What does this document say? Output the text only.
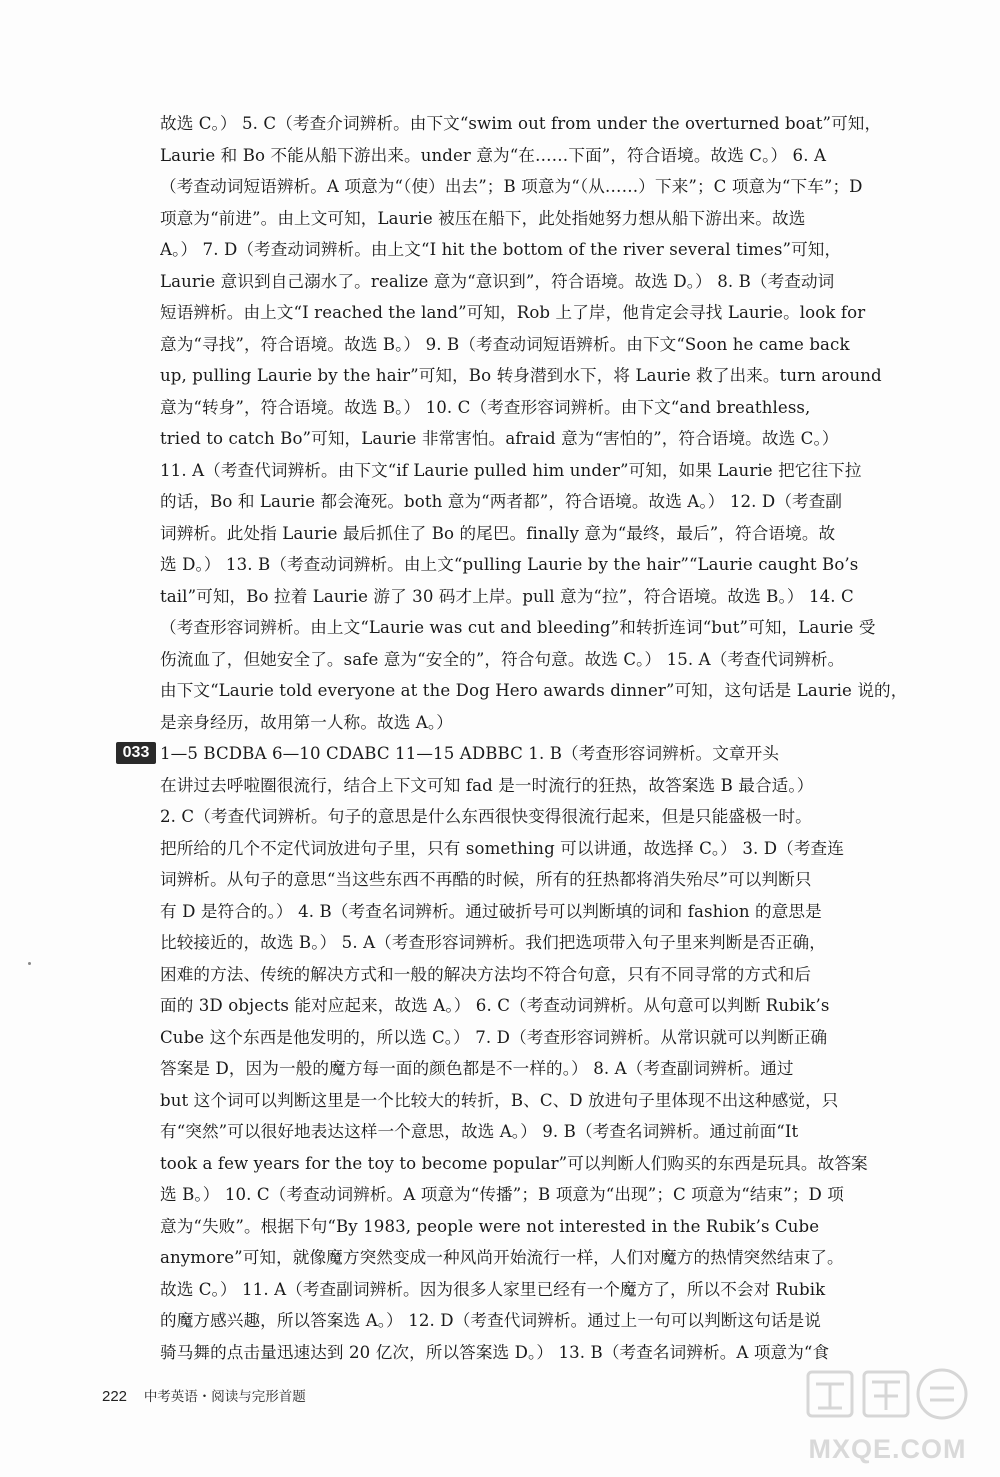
故选 C。） 5. C（考查介词辨析。由下文“swim out from under the overturned boat”可知，
Laurie 和 Bo 不能从船下游出来。under 意为“在……下面”，符合语境。故选 C。） 6. A
（考查动词短语辨析。A 项意为“（使）出去”；B 项意为“（从……）下来”；C 项意为“下车”；D
项意为“前进”。由上文可知，Laurie 被压在船下，此处指她努力想从船下游出来。故选
A。） 7. D（考查动词辨析。由上文“I hit the bottom of the river several times”可知，
Laurie 意识到自己溺水了。realize 意为“意识到”，符合语境。故选 D。） 8. B（考查动词
短语辨析。由上文“I reached the land”可知，Rob 上了岸，他肯定会寻找 Laurie。look for
意为“寻找”，符合语境。故选 B。） 9. B（考查动词短语辨析。由下文“Soon he came back
up, pulling Laurie by the hair”可知，Bo 转身潜到水下，将 Laurie 救了出来。turn around
意为“转身”，符合语境。故选 B。） 10. C（考查形容词辨析。由下文“and breathless,
tried to catch Bo”可知，Laurie 非常害怕。afraid 意为“害怕的”，符合语境。故选 C。）
11. A（考查代词辨析。由下文“if Laurie pulled him under”可知，如果 Laurie 把它往下拉
的话，Bo 和 Laurie 都会淹死。both 意为“两者都”，符合语境。故选 A。） 12. D（考查副
词辨析。此处指 Laurie 最后抓住了 Bo 的尾巴。finally 意为“最终，最后”，符合语境。故
选 D。） 13. B（考查动词辨析。由上文“pulling Laurie by the hair”“Laurie caught Bo’s
tail”可知，Bo 拉着 Laurie 游了 30 码才上岸。pull 意为“拉”，符合语境。故选 B。） 14. C
（考查形容词辨析。由上文“Laurie was cut and bleeding”和转折连词“but”可知，Laurie 受
伤流血了，但她安全了。safe 意为“安全的”，符合句意。故选 C。） 15. A（考查代词辨析。
由下文“Laurie told everyone at the Dog Hero awards dinner”可知，这句话是 Laurie 说的，
是亲身经历，故用第一人称。故选 A。）
033 1—5 BCDBA 6—10 CDABC 11—15 ADBBC 1. B（考查形容词辨析。文章开头
在讲过去呼啦圈很流行，结合上下文可知 fad 是一时流行的狂热，故答案选 B 最合适。）
2. C（考查代词辨析。句子的意思是什么东西很快变得很流行起来，但是只能盛极一时。
把所给的几个不定代词放进句子里，只有 something 可以讲通，故选择 C。） 3. D（考查连
词辨析。从句子的意思“当这些东西不再酷的时候，所有的狂热都将消失殆尽”可以判断只
有 D 是符合的。） 4. B（考查名词辨析。通过破折号可以判断填的词和 fashion 的意思是
比较接近的，故选 B。） 5. A（考查形容词辨析。我们把选项带入句子里来判断是否正确，
困难的方法、传统的解决方式和一般的解决方法均不符合句意，只有不同寻常的方式和后
面的 3D objects 能对应起来，故选 A。） 6. C（考查动词辨析。从句意可以判断 Rubik’s
Cube 这个东西是他发明的，所以选 C。） 7. D（考查形容词辨析。从常识就可以判断正确
答案是 D，因为一般的魔方每一面的颜色都是不一样的。） 8. A（考查副词辨析。通过
but 这个词可以判断这里是一个比较大的转折，B、C、D 放进句子里体现不出这种感觉，只
有“突然”可以很好地表达这样一个意思，故选 A。） 9. B（考查名词辨析。通过前面“It
took a few years for the toy to become popular”可以判断人们购买的东西是玩具。故答案
选 B。） 10. C（考查动词辨析。A 项意为“传播”；B 项意为“出现”；C 项意为“结束”；D 项
意为“失败”。根据下句“By 1983, people were not interested in the Rubik’s Cube
anymore”可知，就像魔方突然变成一种风尚开始流行一样，人们对魔方的热情突然结束了。
故选 C。） 11. A（考查副词辨析。因为很多人家里已经有一个魔方了，所以不会对 Rubik
的魔方感兴趣，所以答案选 A。） 12. D（考查代词辨析。通过上一句可以判断这句话是说
骑马舞的点击量迅速达到 20 亿次，所以答案选 D。） 13. B（考查名词辨析。A 项意为“食
222 中考英语・阅读与完形首题
MXQE.COM
